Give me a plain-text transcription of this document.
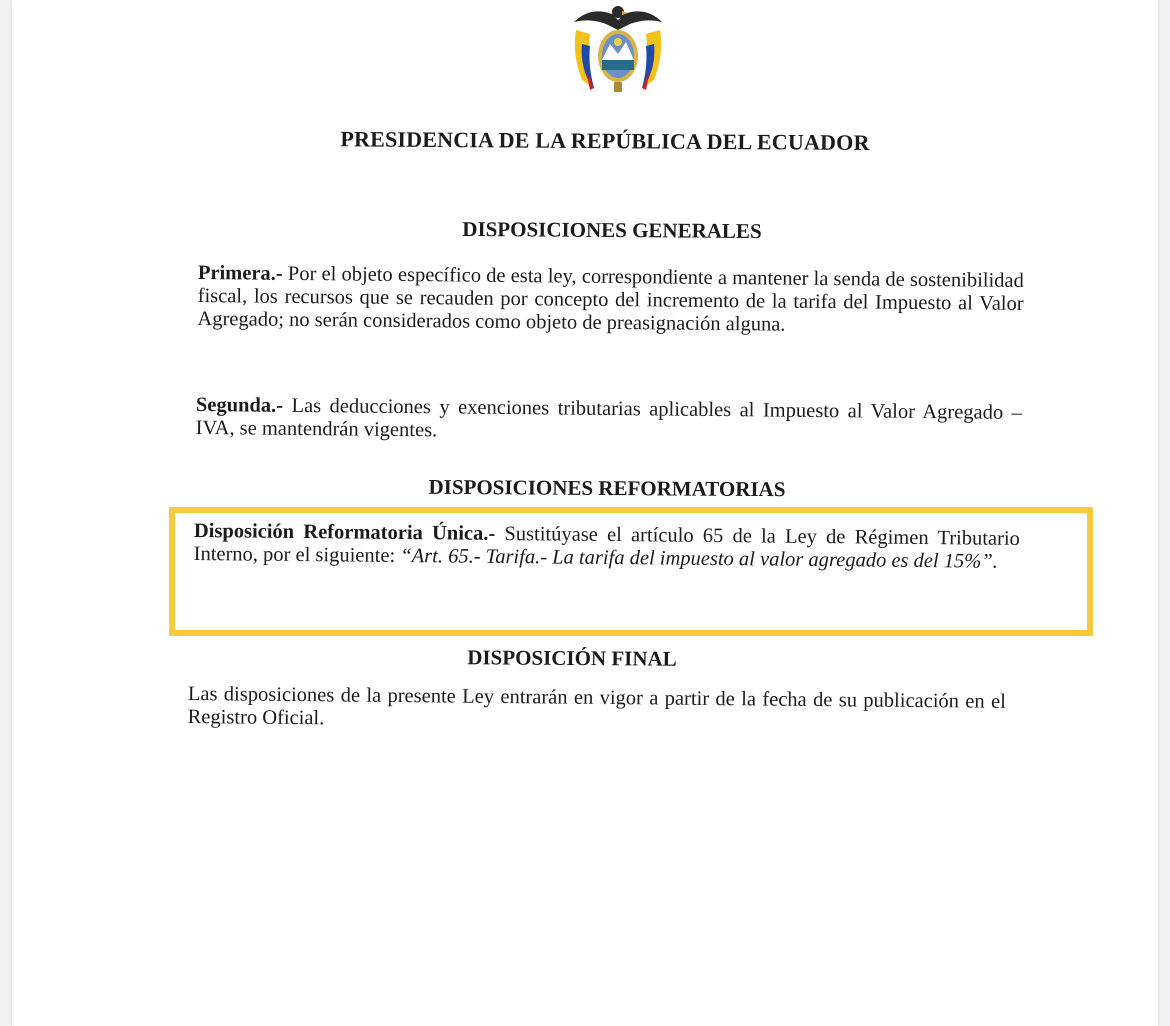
PRESIDENCIA DE LA REPÚBLICA DEL ECUADOR
DISPOSICIONES GENERALES
Primera.- Por el objeto específico de esta ley, correspondiente a mantener la senda de sostenibilidad fiscal, los recursos que se recauden por concepto del incremento de la tarifa del Impuesto al Valor Agregado; no serán considerados como objeto de preasignación alguna.
Segunda.- Las deducciones y exenciones tributarias aplicables al Impuesto al Valor Agregado – IVA, se mantendrán vigentes.
DISPOSICIONES REFORMATORIAS
Disposición Reformatoria Única.- Sustitúyase el artículo 65 de la Ley de Régimen Tributario Interno, por el siguiente: “Art. 65.- Tarifa.- La tarifa del impuesto al valor agregado es del 15%”.
DISPOSICIÓN FINAL
Las disposiciones de la presente Ley entrarán en vigor a partir de la fecha de su publicación en el Registro Oficial.
